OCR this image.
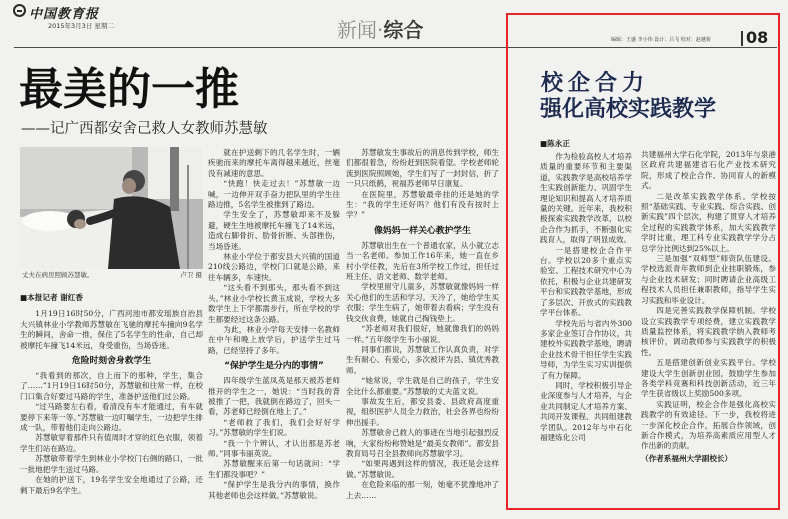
中国教育报
2015年3月3日 星期二	新闻·综合	编辑：王盛 李小伟 设计：吕飞 校对：赵越菊 08
最美的一推
——记广西都安舍己救人女教师苏慧敏
丈夫在病房照顾苏慧敏。	卢卫 摄

■本报记者 谢红香

1月19日16时50分，广西河池市都安瑶族自治县大兴镇林业小学教师苏慧敏在飞驰的摩托车撞向9名学生的瞬间，舍命一推，保住了5名学生的性命，自己却被摩托车撞飞14米远，身受重伤，当场昏迷。

危险时刻舍身救学生

“我看到的那次，自上而下的那种，学生，集合了……”1月19日16时50分，苏慧敏和往常一样，在校门口集合好要过马路的学生，准备护送他们过公路。

“过马路要左右看，看清没有车才能通过，有车就要停下来等一等。”苏慧敏一边叮嘱学生，一边把学生排成一队，带着他们走向公路边。

苏慧敏穿着那件只有值周时才穿的红色衣服，领着学生们站在路边。

苏慧敏带着学生到林业小学校门右侧的路口，一批一批地把学生送过马路。

在她的护送下，19名学生安全地通过了公路，还剩下最后9名学生。

就在护送剩下的几名学生时，一辆疾驰而来的摩托车离得越来越近，丝毫没有减速的意思。

“快跑！快走过去！”苏慧敏一边喊，一边伸开双手奋力把队里的学生往路边推，5名学生被推到了路边。

学生安全了，苏慧敏却来不及躲避，硬生生地被摩托车撞飞了14米远，造成右脚骨折、肋骨折断、头部挫伤，当场昏迷。

林业小学位于都安县大兴镇的国道210线公路边，学校门口就是公路，来往车辆多，车速快。

“这头看不到那头，那头看不到这头。”林业小学校长黄玉成说，学校大多数学生上下学都需步行，所在学校的学生都要经过这条公路。

为此，林业小学每天安排一名教师在中午和晚上放学后，护送学生过马路，已经坚持了多年。

“保护学生是分内的事情”

四年级学生蓝凤英是那天被苏老师推开的学生之一，她说：“当时我的背被推了一把，我就倒在路边了，回头一看，苏老师已经倒在地上了。”

“老师救了我们，我们会好好学习。”苏慧敏的学生们说。

“我一个个辨认，才认出那是苏老师。”同事韦丽英说。

苏慧敏醒来后第一句话就问：“学生们都没事吧？”

“保护学生是我分内的事情，换作其他老师也会这样做。”苏慧敏说。

苏慧敏发生事故后的消息传到学校，师生们都很着急，纷纷赶到医院看望。学校老师轮流到医院照顾她，学生们写了一封封信，折了一只只纸鹤，祝福苏老师早日康复。

在医院里，苏慧敏最牵挂的还是她的学生：“我的学生还好吗？他们有没有按时上学？”

像妈妈一样关心教护学生

苏慧敏出生在一个普通农家，从小就立志当一名老师。参加工作16年来，她一直在乡村小学任教，先后在3所学校工作过，担任过班主任、语文老师、数学老师。

学校里留守儿童多，苏慧敏就像妈妈一样关心他们的生活和学习。天冷了，她给学生买衣服；学生生病了，她带着去看病；学生没有钱交伙食费，她就自己掏钱垫上。

“苏老师对我们很好，她就像我们的妈妈一样。”五年级学生韦小丽说。

同事们都说，苏慧敏工作认真负责，对学生有耐心、有爱心，多次被评为县、镇优秀教师。

“她常说，学生就是自己的孩子，学生安全比什么都重要。”苏慧敏的丈夫蓝文说。

事故发生后，都安县委、县政府高度重视，组织医护人员全力救治，社会各界也纷纷伸出援手。

苏慧敏舍己救人的事迹在当地引起强烈反响，大家纷纷称赞她是“最美女教师”。都安县教育局号召全县教师向苏慧敏学习。

“如果再遇到这样的情况，我还是会这样做。”苏慧敏说。

在危险来临的那一刻，她毫不犹豫地冲了上去……

校企合力
强化高校实践教学
■陈永正

作为检验高校人才培养质量的重要环节和主要渠道，实践教学是高校培养学生实践创新能力、巩固学生理论知识和提高人才培养质量的关键。近年来，我校积极探索实践教学改革，以校企合作为抓手，不断强化实践育人，取得了明显成效。

一是搭建校企合作平台。学校以20多个重点实验室、工程技术研究中心为依托，积极与企业共建研发平台和实践教学基地，形成了多层次、开放式的实践教学平台体系。

学校先后与省内外300多家企业签订合作协议，共建校外实践教学基地，聘请企业技术骨干担任学生实践导师，为学生实习实训提供了有力保障。

同时，学校积极引导企业深度参与人才培养，与企业共同制定人才培养方案、共同开发课程、共同组建教学团队。2012年与中石化福建炼化公司

共建福州大学石化学院，2013年与泉港区政府共建福建省石化产业技术研究院，形成了校企合作、协同育人的新模式。

二是改革实践教学体系。学校按照“基础实践、专业实践、综合实践、创新实践”四个层次，构建了贯穿人才培养全过程的实践教学体系，加大实践教学学时比重，理工科专业实践教学学分占总学分比例达到25%以上。

三是加强“双师型”师资队伍建设。学校选派青年教师到企业挂职锻炼，参与企业技术研发；同时聘请企业高级工程技术人员担任兼职教师，指导学生实习实践和毕业设计。

四是完善实践教学保障机制。学校设立实践教学专项经费，建立实践教学质量监控体系，将实践教学纳入教师考核评价，调动教师参与实践教学的积极性。

五是搭建创新创业实践平台。学校建设大学生创新创业园，鼓励学生参加各类学科竞赛和科技创新活动，近三年学生获省级以上奖励500多项。

实践证明，校企合作是强化高校实践教学的有效途径。下一步，我校将进一步深化校企合作，拓展合作领域，创新合作模式，为培养高素质应用型人才作出新的贡献。

（作者系福州大学副校长）
